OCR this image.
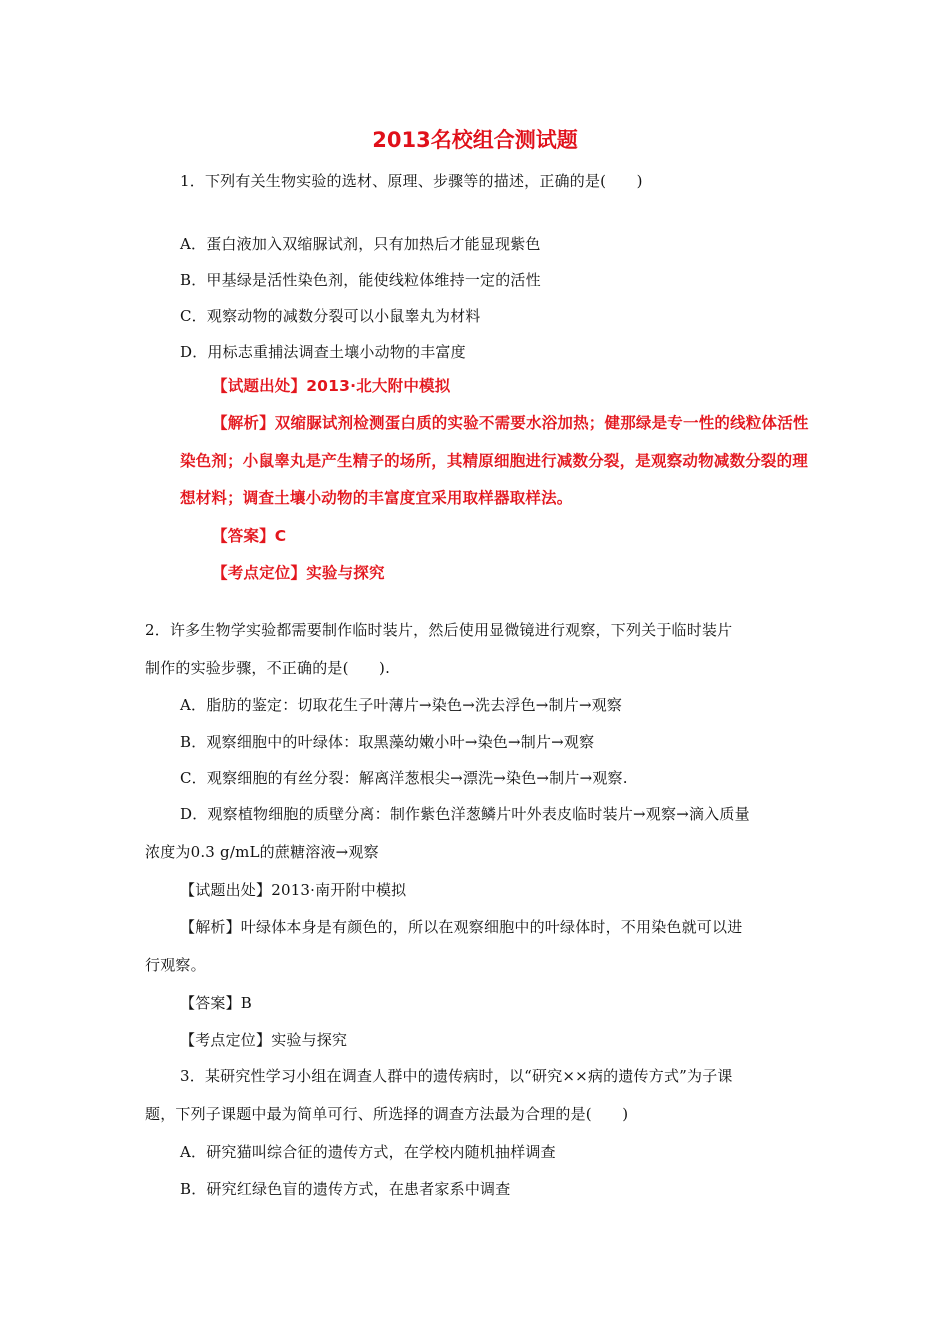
2013名校组合测试题
1．下列有关生物实验的选材、原理、步骤等的描述，正确的是(　　)
A．蛋白液加入双缩脲试剂，只有加热后才能显现紫色
B．甲基绿是活性染色剂，能使线粒体维持一定的活性
C．观察动物的减数分裂可以小鼠睾丸为材料
D．用标志重捕法调查土壤小动物的丰富度
【试题出处】2013·北大附中模拟
【解析】双缩脲试剂检测蛋白质的实验不需要水浴加热；健那绿是专一性的线粒体活性
染色剂；小鼠睾丸是产生精子的场所，其精原细胞进行减数分裂，是观察动物减数分裂的理
想材料；调查土壤小动物的丰富度宜采用取样器取样法。
【答案】C
【考点定位】实验与探究
2．许多生物学实验都需要制作临时装片，然后使用显微镜进行观察，下列关于临时装片
制作的实验步骤，不正确的是(　　).
A．脂肪的鉴定：切取花生子叶薄片→染色→洗去浮色→制片→观察
B．观察细胞中的叶绿体：取黑藻幼嫩小叶→染色→制片→观察
C．观察细胞的有丝分裂：解离洋葱根尖→漂洗→染色→制片→观察.
D．观察植物细胞的质壁分离：制作紫色洋葱鳞片叶外表皮临时装片→观察→滴入质量
浓度为0.3 g/mL的蔗糖溶液→观察
【试题出处】2013·南开附中模拟
【解析】叶绿体本身是有颜色的，所以在观察细胞中的叶绿体时，不用染色就可以进
行观察。
【答案】B
【考点定位】实验与探究
3．某研究性学习小组在调查人群中的遗传病时，以“研究××病的遗传方式”为子课
题，下列子课题中最为简单可行、所选择的调查方法最为合理的是(　　)
A．研究猫叫综合征的遗传方式，在学校内随机抽样调查
B．研究红绿色盲的遗传方式，在患者家系中调查
